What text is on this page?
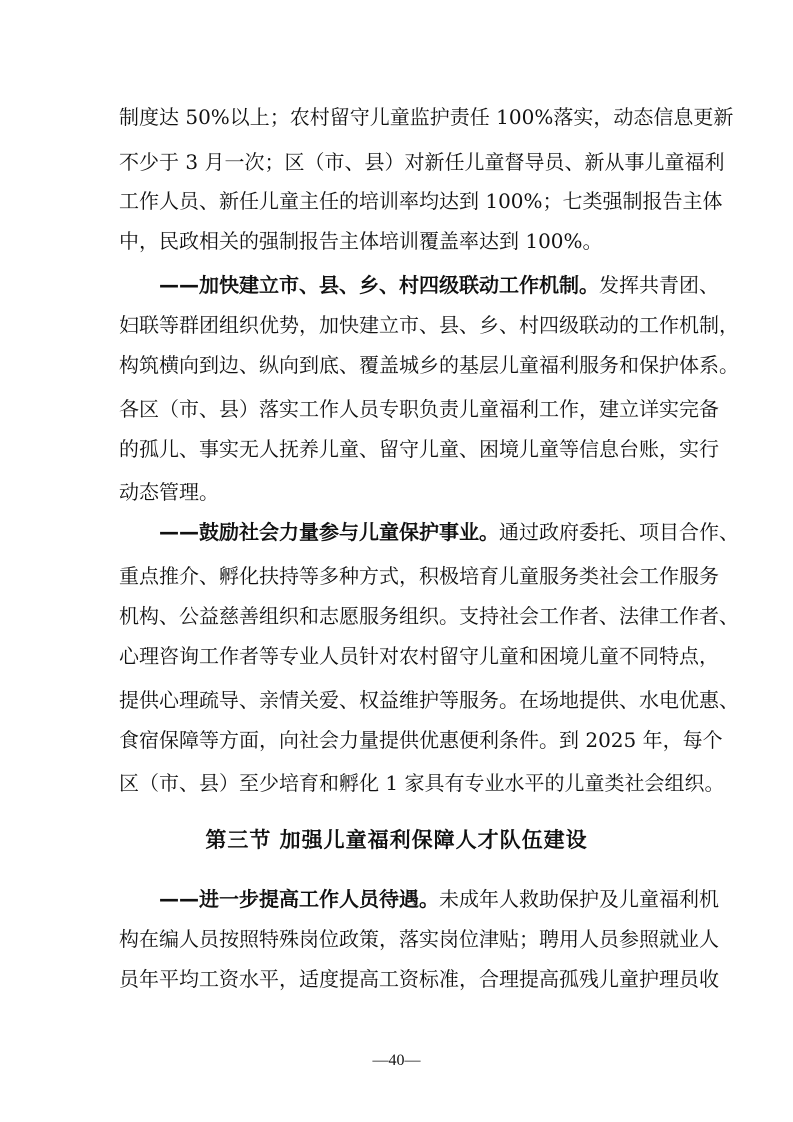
制度达 50%以上；农村留守儿童监护责任 100%落实，动态信息更新
不少于 3 月一次；区（市、县）对新任儿童督导员、新从事儿童福利
工作人员、新任儿童主任的培训率均达到 100%；七类强制报告主体
中，民政相关的强制报告主体培训覆盖率达到 100%。
——加快建立市、县、乡、村四级联动工作机制。发挥共青团、
妇联等群团组织优势，加快建立市、县、乡、村四级联动的工作机制，
构筑横向到边、纵向到底、覆盖城乡的基层儿童福利服务和保护体系。
各区（市、县）落实工作人员专职负责儿童福利工作，建立详实完备
的孤儿、事实无人抚养儿童、留守儿童、困境儿童等信息台账，实行
动态管理。
——鼓励社会力量参与儿童保护事业。通过政府委托、项目合作、
重点推介、孵化扶持等多种方式，积极培育儿童服务类社会工作服务
机构、公益慈善组织和志愿服务组织。支持社会工作者、法律工作者、
心理咨询工作者等专业人员针对农村留守儿童和困境儿童不同特点，
提供心理疏导、亲情关爱、权益维护等服务。在场地提供、水电优惠、
食宿保障等方面，向社会力量提供优惠便利条件。到 2025 年，每个
区（市、县）至少培育和孵化 1 家具有专业水平的儿童类社会组织。
第三节 加强儿童福利保障人才队伍建设
——进一步提高工作人员待遇。未成年人救助保护及儿童福利机
构在编人员按照特殊岗位政策，落实岗位津贴；聘用人员参照就业人
员年平均工资水平，适度提高工资标准，合理提高孤残儿童护理员收
—40—
